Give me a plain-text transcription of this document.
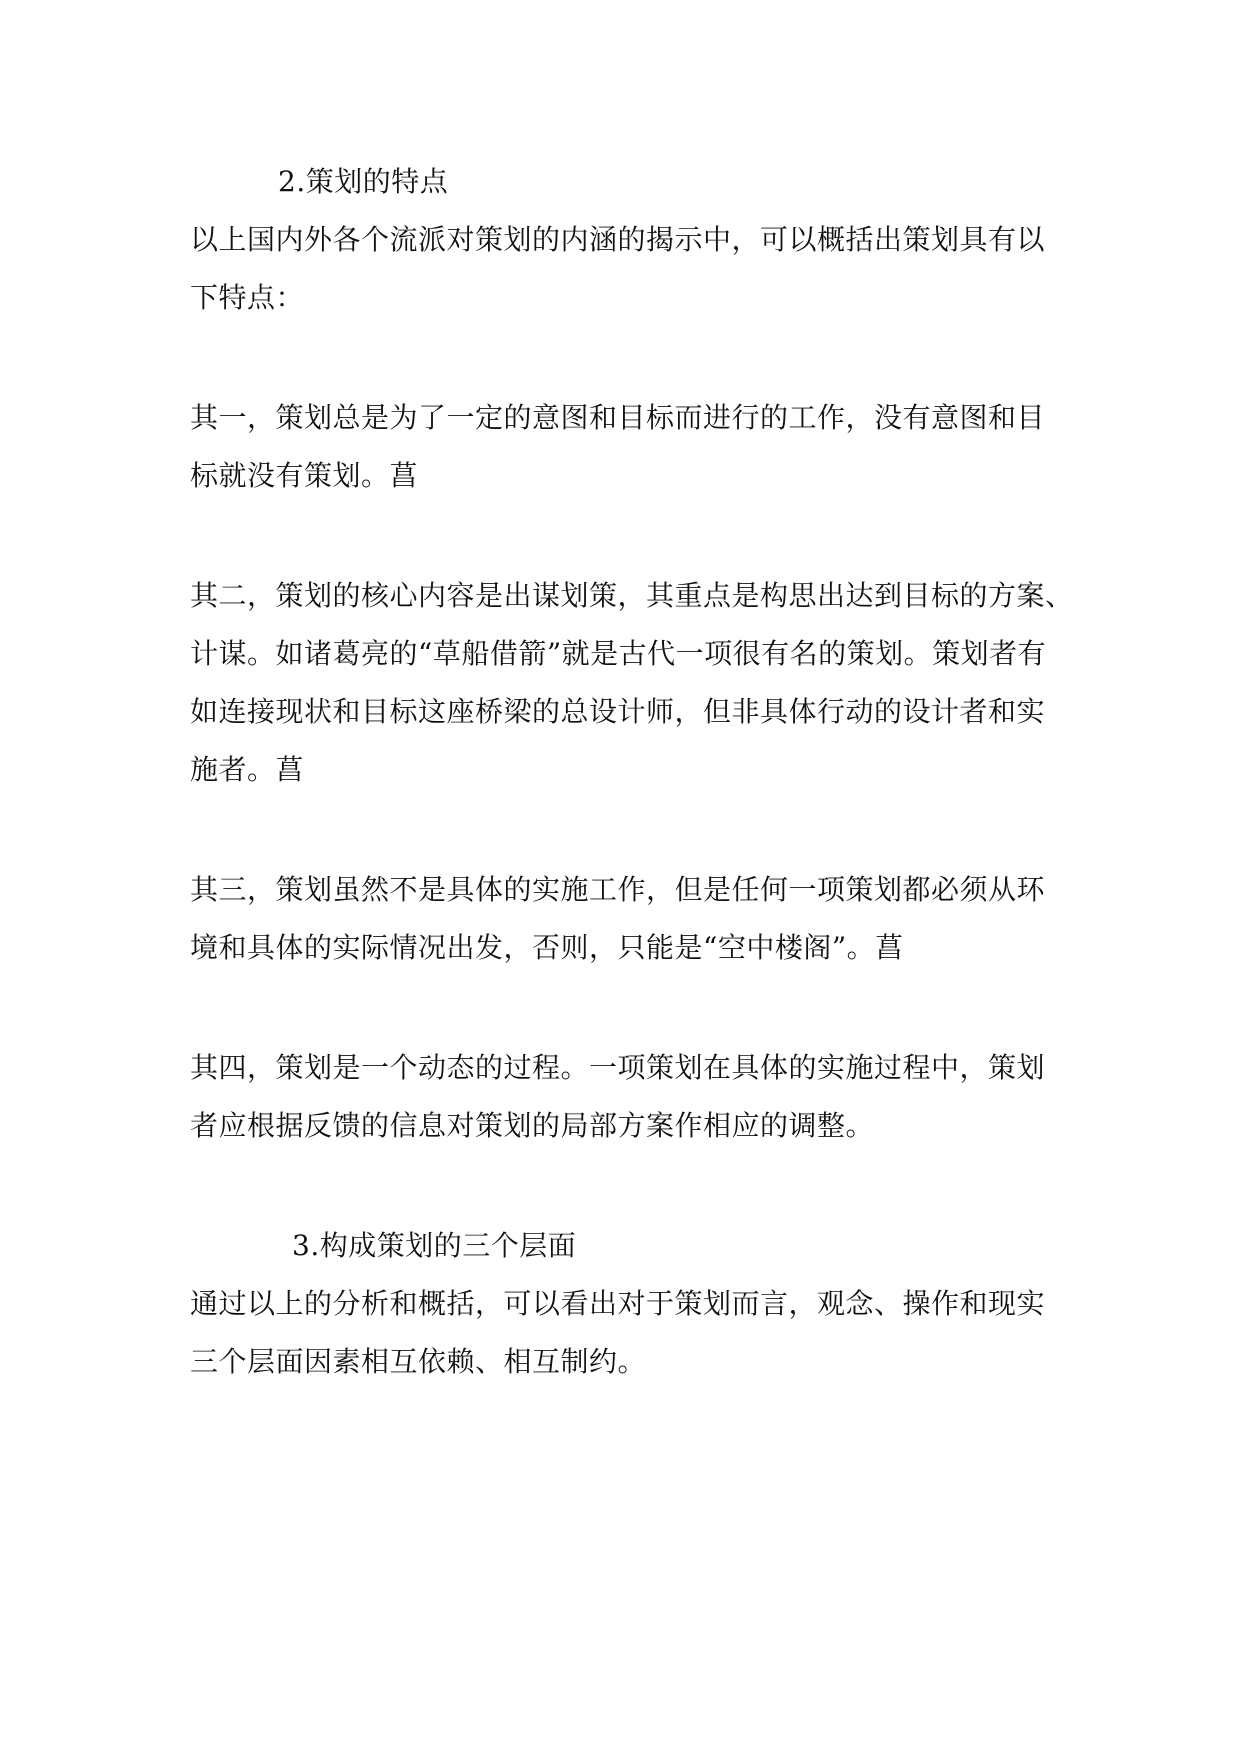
2.策划的特点
以上国内外各个流派对策划的内涵的揭示中，可以概括出策划具有以
下特点：
其一，策划总是为了一定的意图和目标而进行的工作，没有意图和目
标就没有策划。菖
其二，策划的核心内容是出谋划策，其重点是构思出达到目标的方案、
计谋。如诸葛亮的“草船借箭”就是古代一项很有名的策划。策划者有
如连接现状和目标这座桥梁的总设计师，但非具体行动的设计者和实
施者。菖
其三，策划虽然不是具体的实施工作，但是任何一项策划都必须从环
境和具体的实际情况出发，否则，只能是“空中楼阁”。菖
其四，策划是一个动态的过程。一项策划在具体的实施过程中，策划
者应根据反馈的信息对策划的局部方案作相应的调整。
3.构成策划的三个层面
通过以上的分析和概括，可以看出对于策划而言，观念、操作和现实
三个层面因素相互依赖、相互制约。
